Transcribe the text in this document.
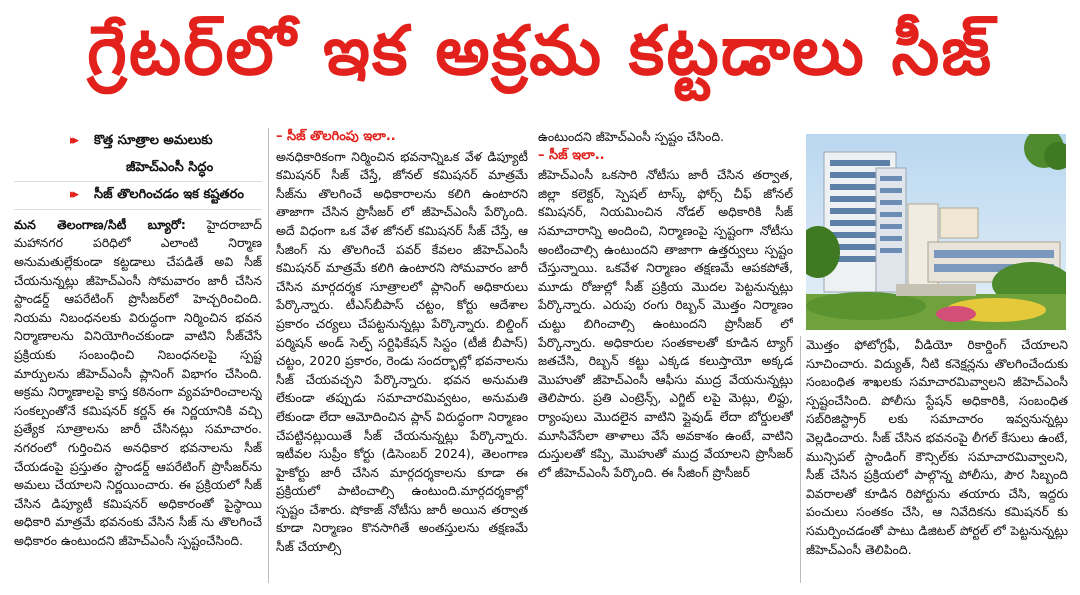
గ్రేటర్‌లో ఇక అక్రమ కట్టడాలు సీజ్
▸▸ కొత్త సూత్రాల అమలుకు
జీహెచ్ఎంసీ సిద్ధం
▸▸ సీజ్ తొలగించడం ఇక కష్టతరం

మన తెలంగాణ/సిటీ బ్యూరో: హైదరాబాద్ మహానగర పరిధిలో ఎలాంటి నిర్మాణ అనుమతుల్లేకుండా కట్టడాలు చేపడితే అవి సీజ్ చేయనున్నట్లు జీహెచ్ఎంసీ సోమవారం జారీ చేసిన స్టాండర్డ్ ఆపరేటింగ్ ప్రొసీజర్‌లో హెచ్చరించింది. నియమ నిబంధనలకు విరుద్ధంగా నిర్మించిన భవన నిర్మాణాలను వినియోగించకుండా వాటిని సీజ్‌చేసే ప్రక్రియకు సంబంధించి నిబంధనలపై స్పష్ట మార్పులను జీహెచ్ఎంసీ ప్లానింగ్ విభాగం చేసింది. అక్రమ నిర్మాణాలపై కాస్త కఠినంగా వ్యవహరించాలన్న సంకల్పంతోనే కమిషనర్ కర్ణన్ ఈ నిర్ణయానికి వచ్చి ప్రత్యేక సూత్రాలను జారీ చేసినట్లు సమాచారం. నగరంలో గుర్తించిన అనధికార భవనాలను సీజ్ చేయడంపై ప్రస్తుతం స్టాండర్డ్ ఆపరేటింగ్ ప్రొసీజర్‌ను అమలు చేయాలని నిర్ణయించారు. ఈ ప్రక్రియలో సీజ్ చేసిన డిప్యూటీ కమిషనర్ అధికారంతో పైస్థాయి అధికారి మాత్రమే భవనంకు వేసిన సీజ్ ను తొలగించే అధికారం ఉంటుందని జీహెచ్ఎంసీ స్పష్టంచేసింది.

– సీజ్ తొలగింపు ఇలా..

అనధికారికంగా నిర్మించిన భవనాన్నిఒక వేళ డిప్యూటీ కమిషనర్ సీజ్ చేస్తే, జోనల్ కమిషనర్ మాత్రమే సీజ్‌ను తొలగించే అధికారాలను కలిగి ఉంటారని తాజాగా చేసిన ప్రొసీజర్ లో జీహెచ్ఎంసీ పేర్కొంది. అదే విధంగా ఒక వేళ జోనల్ కమిషనర్ సీజ్ చేస్తే, ఆ సీజింగ్ ను తొలగించే పవర్ కేవలం జీహెచ్ఎంసీ కమిషనర్ మాత్రమే కలిగి ఉంటారని సోమవారం జారీ చేసిన మార్గదర్శక సూత్రాలలో ప్లానింగ్ అధికారులు పేర్కొన్నారు. టీఎస్‌బీపాస్ చట్టం, కోర్టు ఆదేశాల ప్రకారం చర్యలు చేపట్టనున్నట్లు పేర్కొన్నారు. బిల్డింగ్ పర్మిషన్ అండ్ సెల్ఫ్ సర్టిఫికేషన్ సిస్టం (టీజీ బీపాస్) చట్టం, 2020 ప్రకారం, రెండు సందర్భాల్లో భవనాలను సీజ్ చేయవచ్చని పేర్కొన్నారు. భవన అనుమతి లేకుండా తప్పుడు సమాచారమివ్వటం, అనుమతి లేకుండా లేదా ఆమోదించిన ప్లాన్ విరుద్ధంగా నిర్మాణం చేపట్టినట్లుయితే సీజ్ చేయనున్నట్లు పేర్కొన్నారు. ఇటీవల సుప్రీం కోర్టు (డిసెంబర్ 2024), తెలంగాణ హైకోర్టు జారీ చేసిన మార్గదర్శకాలను కూడా ఈ ప్రక్రియలో పాటించాల్సి ఉంటుంది.మార్గదర్శకాల్లో స్పష్టం చేశారు. షోకాజ్ నోటీసు జారీ అయిన తర్వాత కూడా నిర్మాణం కొనసాగితే అంతస్తులను తక్షణమే సీజ్ చేయాల్సి

ఉంటుందని జీహెచ్ఎంసీ స్పష్టం చేసింది.

– సీజ్ ఇలా..

జీహెచ్ఎంసీ ఒకసారి నోటీసు జారీ చేసిన తర్వాత, జిల్లా కలెక్టర్, స్పెషల్ టాస్క్ ఫోర్స్ చీఫ్ జోనల్ కమిషనర్, నియమించిన నోడల్ అధికారికి సీజ్ సమాచారాన్ని అందించి, నిర్మాణంపై స్పష్టంగా నోటీసు అంటించాల్సి ఉంటుందని తాజాగా ఉత్తర్వులు స్పష్టం చేస్తున్నాయి. ఒకవేళ నిర్మాణం తక్షణమే ఆపకపోతే, మూడు రోజుల్లో సీజ్ ప్రక్రియ మొదల పెట్టనున్నట్లు పేర్కొన్నారు. ఎరుపు రంగు రిబ్బన్ మొత్తం నిర్మాణం చుట్టు బిగించాల్సి ఉంటుందని ప్రొసీజర్ లో పేర్కొన్నారు. అధికారుల సంతకాలతో కూడిన ట్యాగ్ జతచేసి, రిబ్బన్ కట్టు ఎక్కడ కలుస్తాయో అక్కడ మొహుతో జీహెచ్ఎంసీ ఆఫీసు ముద్ర వేయనున్నట్లు తెలిపారు. ప్రతి ఎంట్రెన్స్, ఎగ్జిట్ లపై మెట్లు, లిఫ్టు, ర్యాంపులు మొదలైన వాటిని ప్లైవుడ్ లేదా బోర్డులతో మూసివేసేలా తాళాలు వేసే అవకాశం ఉంటే, వాటిని దుస్తులతో కప్పి, మొహుతో ముద్ర వేయాలని ప్రొసీజర్ లో జీహెచ్ఎంసీ పేర్కొంది. ఈ సీజింగ్ ప్రొసీజర్

మొత్తం ఫోటోగ్రఫీ, వీడియో రికార్డింగ్ చేయాలని సూచించారు. విద్యుత్, నీటి కనెక్షన్లను తొలగించేందుకు సంబంధిత శాఖలకు సమాచారమివ్వాలని జీహెచ్ఎంసీ స్పష్టంచేసింది. పోలీసు స్టేషన్ అధికారికి, సంబంధిత సబ్‌రిజిస్ట్రార్ లకు సమాచారం ఇవ్వనున్నట్లు వెల్లడించారు. సీజ్ చేసిన భవనంపై లీగల్ కేసులు ఉంటే, మున్సిపల్ స్టాండింగ్ కౌన్సిల్‌కు సమాచారమివ్వాలని, సీజ్ చేసిన ప్రక్రియలో పాల్గొన్న పోలీసు, పౌర సిబ్బంది వివరాలతో కూడిన రిపోర్టును తయారు చేసి, ఇద్దరు పంచులు సంతకం చేసి, ఆ నివేదికను కమిషనర్ కు సమర్పించడంతో పాటు డిజిటల్ పోర్టల్ లో పెట్టనున్నట్లు జీహెచ్ఎంసీ తెలిపింది.
